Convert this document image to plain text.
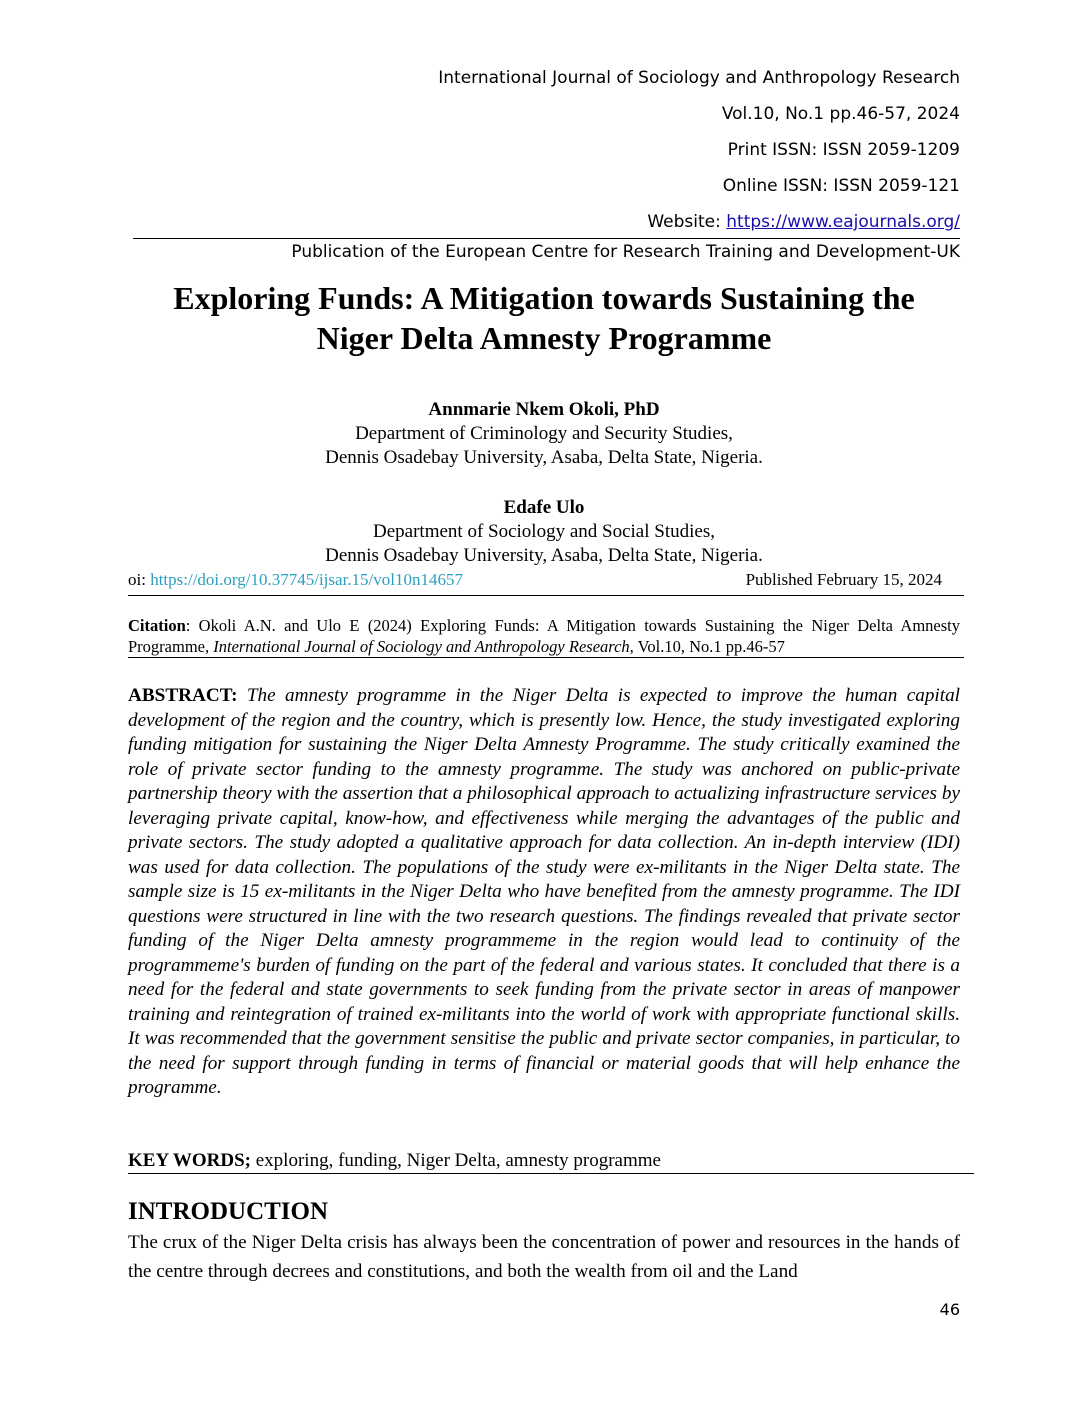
International Journal of Sociology and Anthropology Research
Vol.10, No.1 pp.46-57, 2024
Print ISSN: ISSN 2059-1209
Online ISSN: ISSN 2059-121
Website: https://www.eajournals.org/
Publication of the European Centre for Research Training and Development-UK
Exploring Funds: A Mitigation towards Sustaining the
Niger Delta Amnesty Programme
Annmarie Nkem Okoli, PhD
Department of Criminology and Security Studies,
Dennis Osadebay University, Asaba, Delta State, Nigeria.
Edafe Ulo
Department of Sociology and Social Studies,
Dennis Osadebay University, Asaba, Delta State, Nigeria.
oi: https://doi.org/10.37745/ijsar.15/vol10n14657	Published February 15, 2024
Citation: Okoli A.N. and Ulo E (2024) Exploring Funds: A Mitigation towards Sustaining the Niger Delta Amnesty Programme, International Journal of Sociology and Anthropology Research, Vol.10, No.1 pp.46-57
ABSTRACT: The amnesty programme in the Niger Delta is expected to improve the human capital development of the region and the country, which is presently low. Hence, the study investigated exploring funding mitigation for sustaining the Niger Delta Amnesty Programme. The study critically examined the role of private sector funding to the amnesty programme. The study was anchored on public-private partnership theory with the assertion that a philosophical approach to actualizing infrastructure services by leveraging private capital, know-how, and effectiveness while merging the advantages of the public and private sectors. The study adopted a qualitative approach for data collection. An in-depth interview (IDI) was used for data collection. The populations of the study were ex-militants in the Niger Delta state. The sample size is 15 ex-militants in the Niger Delta who have benefited from the amnesty programme. The IDI questions were structured in line with the two research questions. The findings revealed that private sector funding of the Niger Delta amnesty programmeme in the region would lead to continuity of the programmeme's burden of funding on the part of the federal and various states. It concluded that there is a need for the federal and state governments to seek funding from the private sector in areas of manpower training and reintegration of trained ex-militants into the world of work with appropriate functional skills. It was recommended that the government sensitise the public and private sector companies, in particular, to the need for support through funding in terms of financial or material goods that will help enhance the programme.
KEY WORDS; exploring, funding, Niger Delta, amnesty programme
INTRODUCTION
The crux of the Niger Delta crisis has always been the concentration of power and resources in the hands of the centre through decrees and constitutions, and both the wealth from oil and the Land
46
